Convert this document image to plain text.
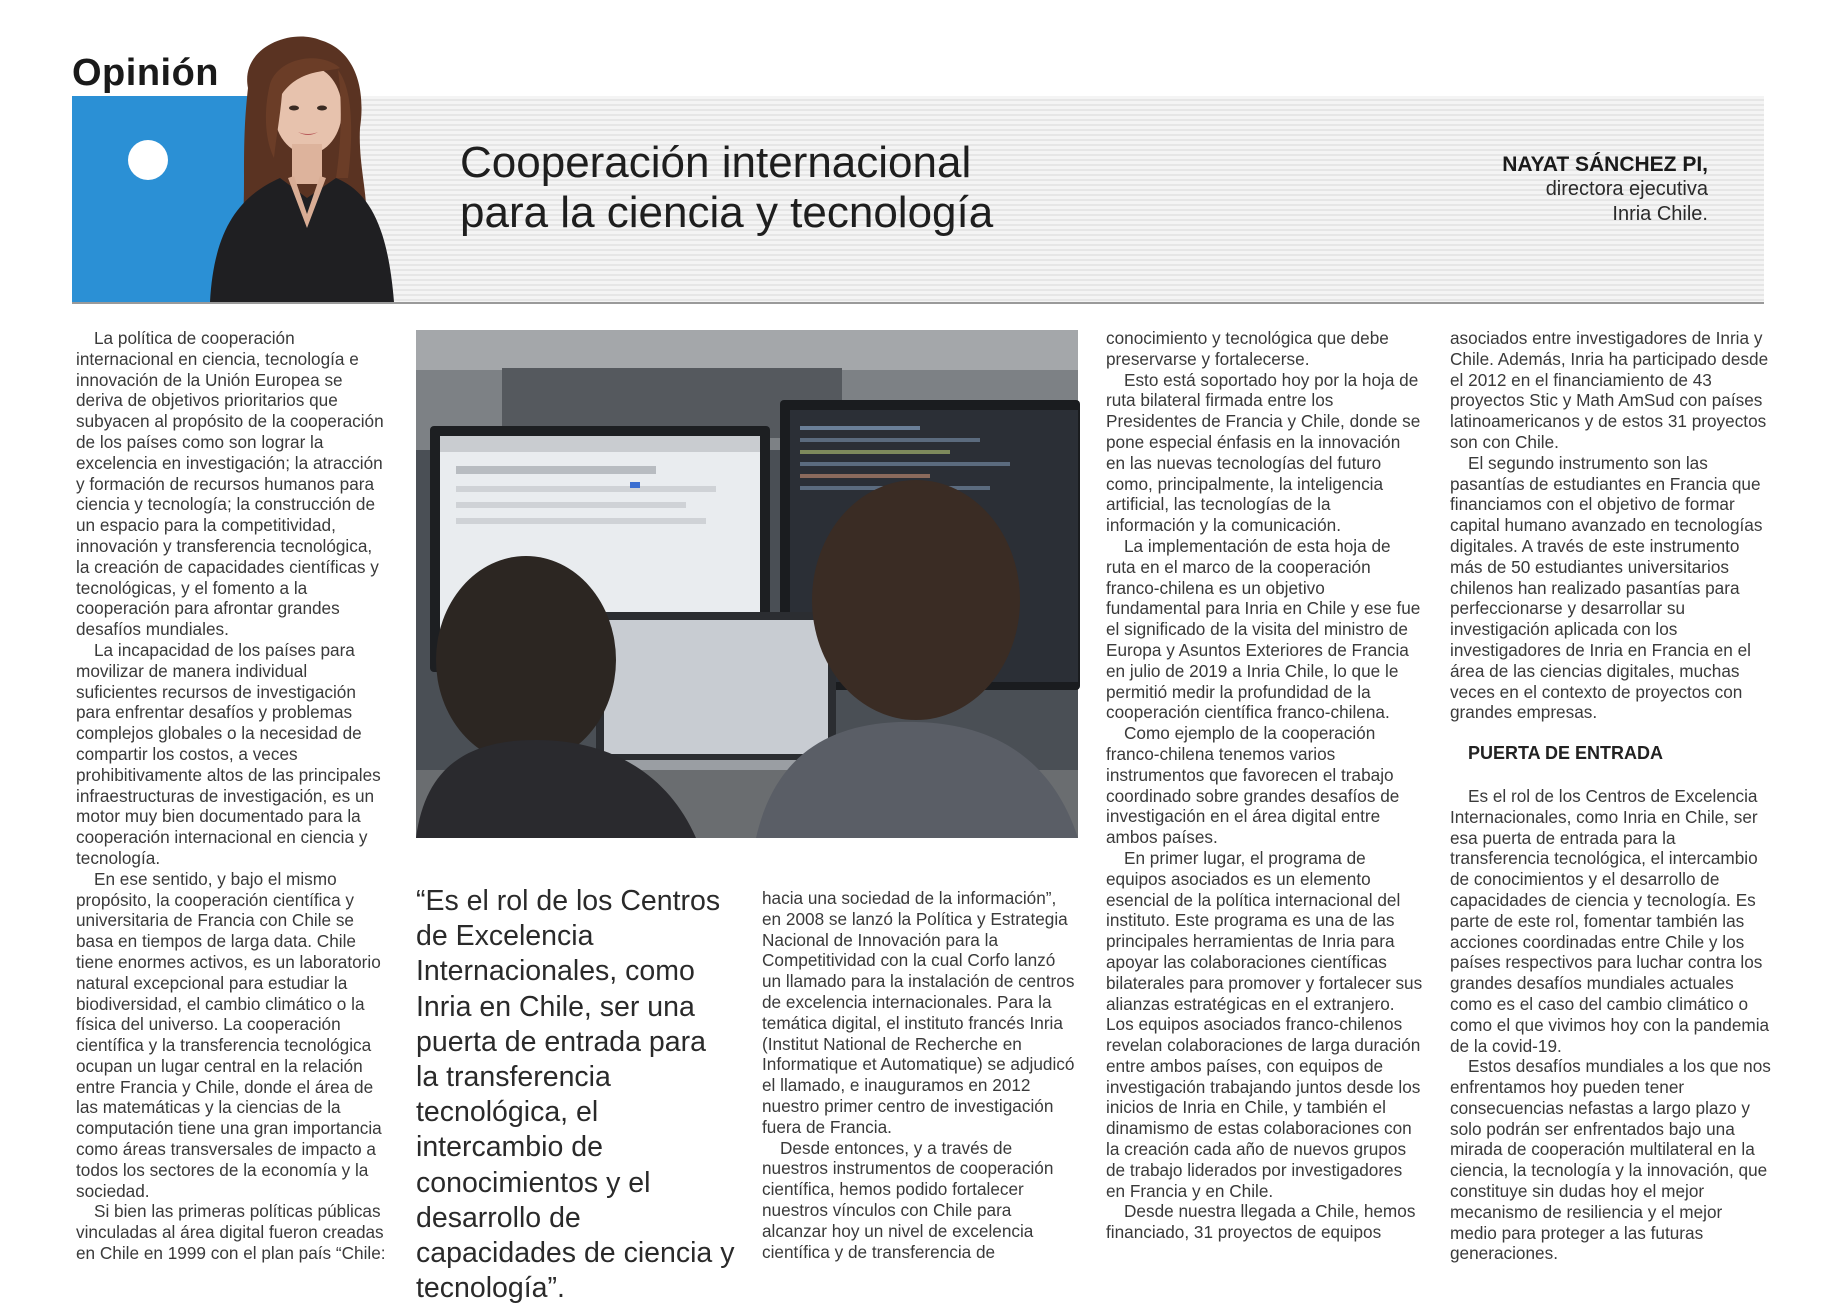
Opinión
Cooperación internacional
para la ciencia y tecnología
NAYAT SÁNCHEZ PI,
directora ejecutiva
Inria Chile.

La política de cooperación internacional en ciencia, tecnología e innovación de la Unión Europea se deriva de objetivos prioritarios que subyacen al propósito de la cooperación de los países como son lograr la excelencia en investigación; la atracción y formación de recursos humanos para ciencia y tecnología; la construcción de un espacio para la competitividad, innovación y transferencia tecnológica, la creación de capacidades científicas y tecnológicas, y el fomento a la cooperación para afrontar grandes desafíos mundiales.

La incapacidad de los países para movilizar de manera individual suficientes recursos de investigación para enfrentar desafíos y problemas complejos globales o la necesidad de compartir los costos, a veces prohibitivamente altos de las principales infraestructuras de investigación, es un motor muy bien documentado para la cooperación internacional en ciencia y tecnología.

En ese sentido, y bajo el mismo propósito, la cooperación científica y universitaria de Francia con Chile se basa en tiempos de larga data. Chile tiene enormes activos, es un laboratorio natural excepcional para estudiar la biodiversidad, el cambio climático o la física del universo. La cooperación científica y la transferencia tecnológica ocupan un lugar central en la relación entre Francia y Chile, donde el área de las matemáticas y la ciencias de la computación tiene una gran importancia como áreas transversales de impacto a todos los sectores de la economía y la sociedad.

Si bien las primeras políticas públicas vinculadas al área digital fueron creadas en Chile en 1999 con el plan país “Chile:

“Es el rol de los Centros de Excelencia Internacionales, como Inria en Chile, ser una puerta de entrada para la transferencia tecnológica, el intercambio de conocimientos y el desarrollo de capacidades de ciencia y tecnología”.

hacia una sociedad de la información”, en 2008 se lanzó la Política y Estrategia Nacional de Innovación para la Competitividad con la cual Corfo lanzó un llamado para la instalación de centros de excelencia internacionales. Para la temática digital, el instituto francés Inria (Institut National de Recherche en Informatique et Automatique) se adjudicó el llamado, e inauguramos en 2012 nuestro primer centro de investigación fuera de Francia.

Desde entonces, y a través de nuestros instrumentos de cooperación científica, hemos podido fortalecer nuestros vínculos con Chile para alcanzar hoy un nivel de excelencia científica y de transferencia de

conocimiento y tecnológica que debe preservarse y fortalecerse.

Esto está soportado hoy por la hoja de ruta bilateral firmada entre los Presidentes de Francia y Chile, donde se pone especial énfasis en la innovación en las nuevas tecnologías del futuro como, principalmente, la inteligencia artificial, las tecnologías de la información y la comunicación.

La implementación de esta hoja de ruta en el marco de la cooperación franco-chilena es un objetivo fundamental para Inria en Chile y ese fue el significado de la visita del ministro de Europa y Asuntos Exteriores de Francia en julio de 2019 a Inria Chile, lo que le permitió medir la profundidad de la cooperación científica franco-chilena.

Como ejemplo de la cooperación franco-chilena tenemos varios instrumentos que favorecen el trabajo coordinado sobre grandes desafíos de investigación en el área digital entre ambos países.

En primer lugar, el programa de equipos asociados es un elemento esencial de la política internacional del instituto. Este programa es una de las principales herramientas de Inria para apoyar las colaboraciones científicas bilaterales para promover y fortalecer sus alianzas estratégicas en el extranjero. Los equipos asociados franco-chilenos revelan colaboraciones de larga duración entre ambos países, con equipos de investigación trabajando juntos desde los inicios de Inria en Chile, y también el dinamismo de estas colaboraciones con la creación cada año de nuevos grupos de trabajo liderados por investigadores en Francia y en Chile.

Desde nuestra llegada a Chile, hemos financiado, 31 proyectos de equipos

asociados entre investigadores de Inria y Chile. Además, Inria ha participado desde el 2012 en el financiamiento de 43 proyectos Stic y Math AmSud con países latinoamericanos y de estos 31 proyectos son con Chile.

El segundo instrumento son las pasantías de estudiantes en Francia que financiamos con el objetivo de formar capital humano avanzado en tecnologías digitales. A través de este instrumento más de 50 estudiantes universitarios chilenos han realizado pasantías para perfeccionarse y desarrollar su investigación aplicada con los investigadores de Inria en Francia en el área de las ciencias digitales, muchas veces en el contexto de proyectos con grandes empresas.

PUERTA DE ENTRADA

Es el rol de los Centros de Excelencia Internacionales, como Inria en Chile, ser esa puerta de entrada para la transferencia tecnológica, el intercambio de conocimientos y el desarrollo de capacidades de ciencia y tecnología. Es parte de este rol, fomentar también las acciones coordinadas entre Chile y los países respectivos para luchar contra los grandes desafíos mundiales actuales como es el caso del cambio climático o como el que vivimos hoy con la pandemia de la covid-19.

Estos desafíos mundiales a los que nos enfrentamos hoy pueden tener consecuencias nefastas a largo plazo y solo podrán ser enfrentados bajo una mirada de cooperación multilateral en la ciencia, la tecnología y la innovación, que constituye sin dudas hoy el mejor mecanismo de resiliencia y el mejor medio para proteger a las futuras generaciones.
